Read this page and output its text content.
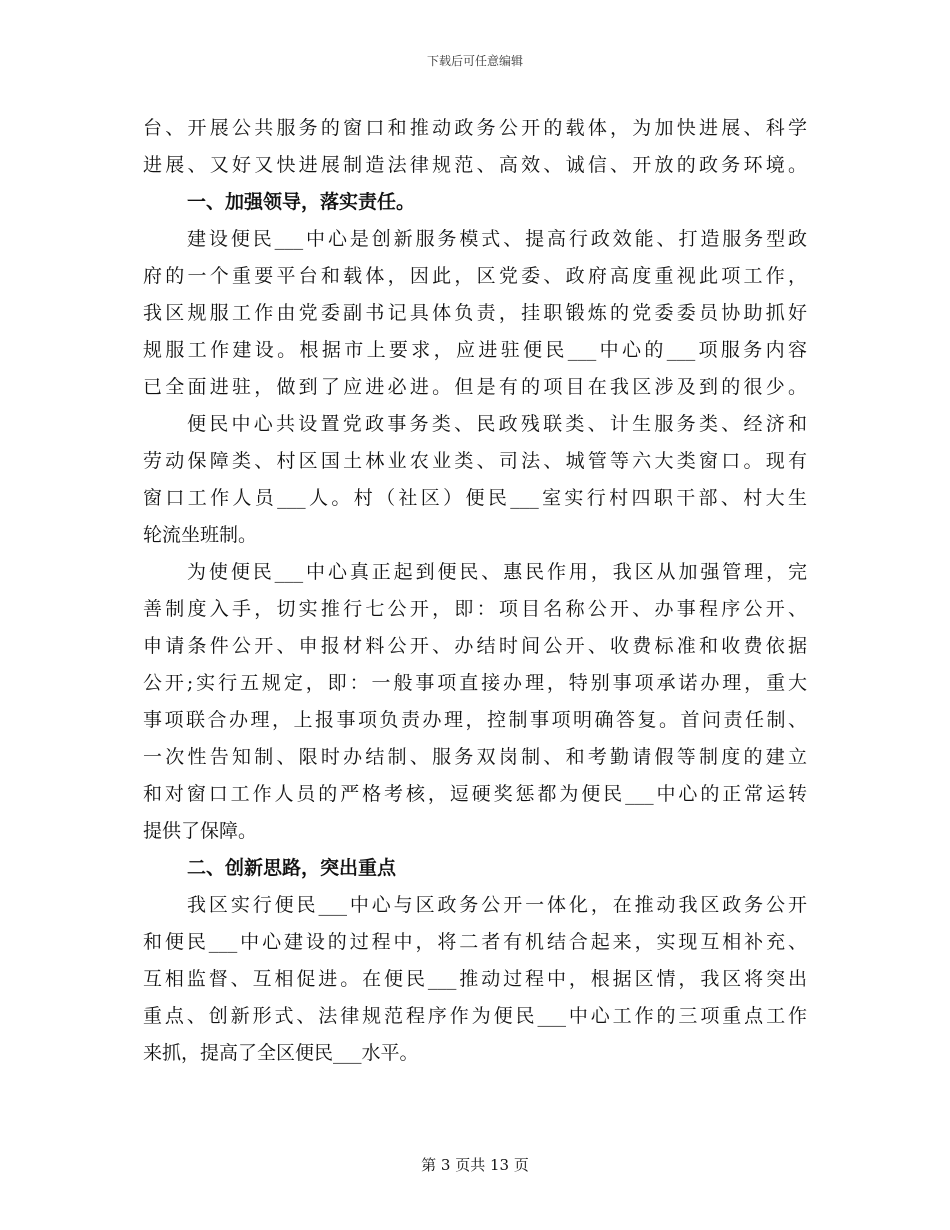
下载后可任意编辑
台、开展公共服务的窗口和推动政务公开的载体，为加快进展、科学
进展、又好又快进展制造法律规范、高效、诚信、开放的政务环境。
一、加强领导，落实责任。
建设便民___中心是创新服务模式、提高行政效能、打造服务型政
府的一个重要平台和载体，因此，区党委、政府高度重视此项工作，
我区规服工作由党委副书记具体负责，挂职锻炼的党委委员协助抓好
规服工作建设。根据市上要求，应进驻便民___中心的___项服务内容
已全面进驻，做到了应进必进。但是有的项目在我区涉及到的很少。
便民中心共设置党政事务类、民政残联类、计生服务类、经济和
劳动保障类、村区国土林业农业类、司法、城管等六大类窗口。现有
窗口工作人员___人。村（社区）便民___室实行村四职干部、村大生
轮流坐班制。
为使便民___中心真正起到便民、惠民作用，我区从加强管理，完
善制度入手，切实推行七公开，即：项目名称公开、办事程序公开、
申请条件公开、申报材料公开、办结时间公开、收费标准和收费依据
公开;实行五规定，即：一般事项直接办理，特别事项承诺办理，重大
事项联合办理，上报事项负责办理，控制事项明确答复。首问责任制、
一次性告知制、限时办结制、服务双岗制、和考勤请假等制度的建立
和对窗口工作人员的严格考核，逗硬奖惩都为便民___中心的正常运转
提供了保障。
二、创新思路，突出重点
我区实行便民___中心与区政务公开一体化，在推动我区政务公开
和便民___中心建设的过程中，将二者有机结合起来，实现互相补充、
互相监督、互相促进。在便民___推动过程中，根据区情，我区将突出
重点、创新形式、法律规范程序作为便民___中心工作的三项重点工作
来抓，提高了全区便民___水平。
第 3 页共 13 页
